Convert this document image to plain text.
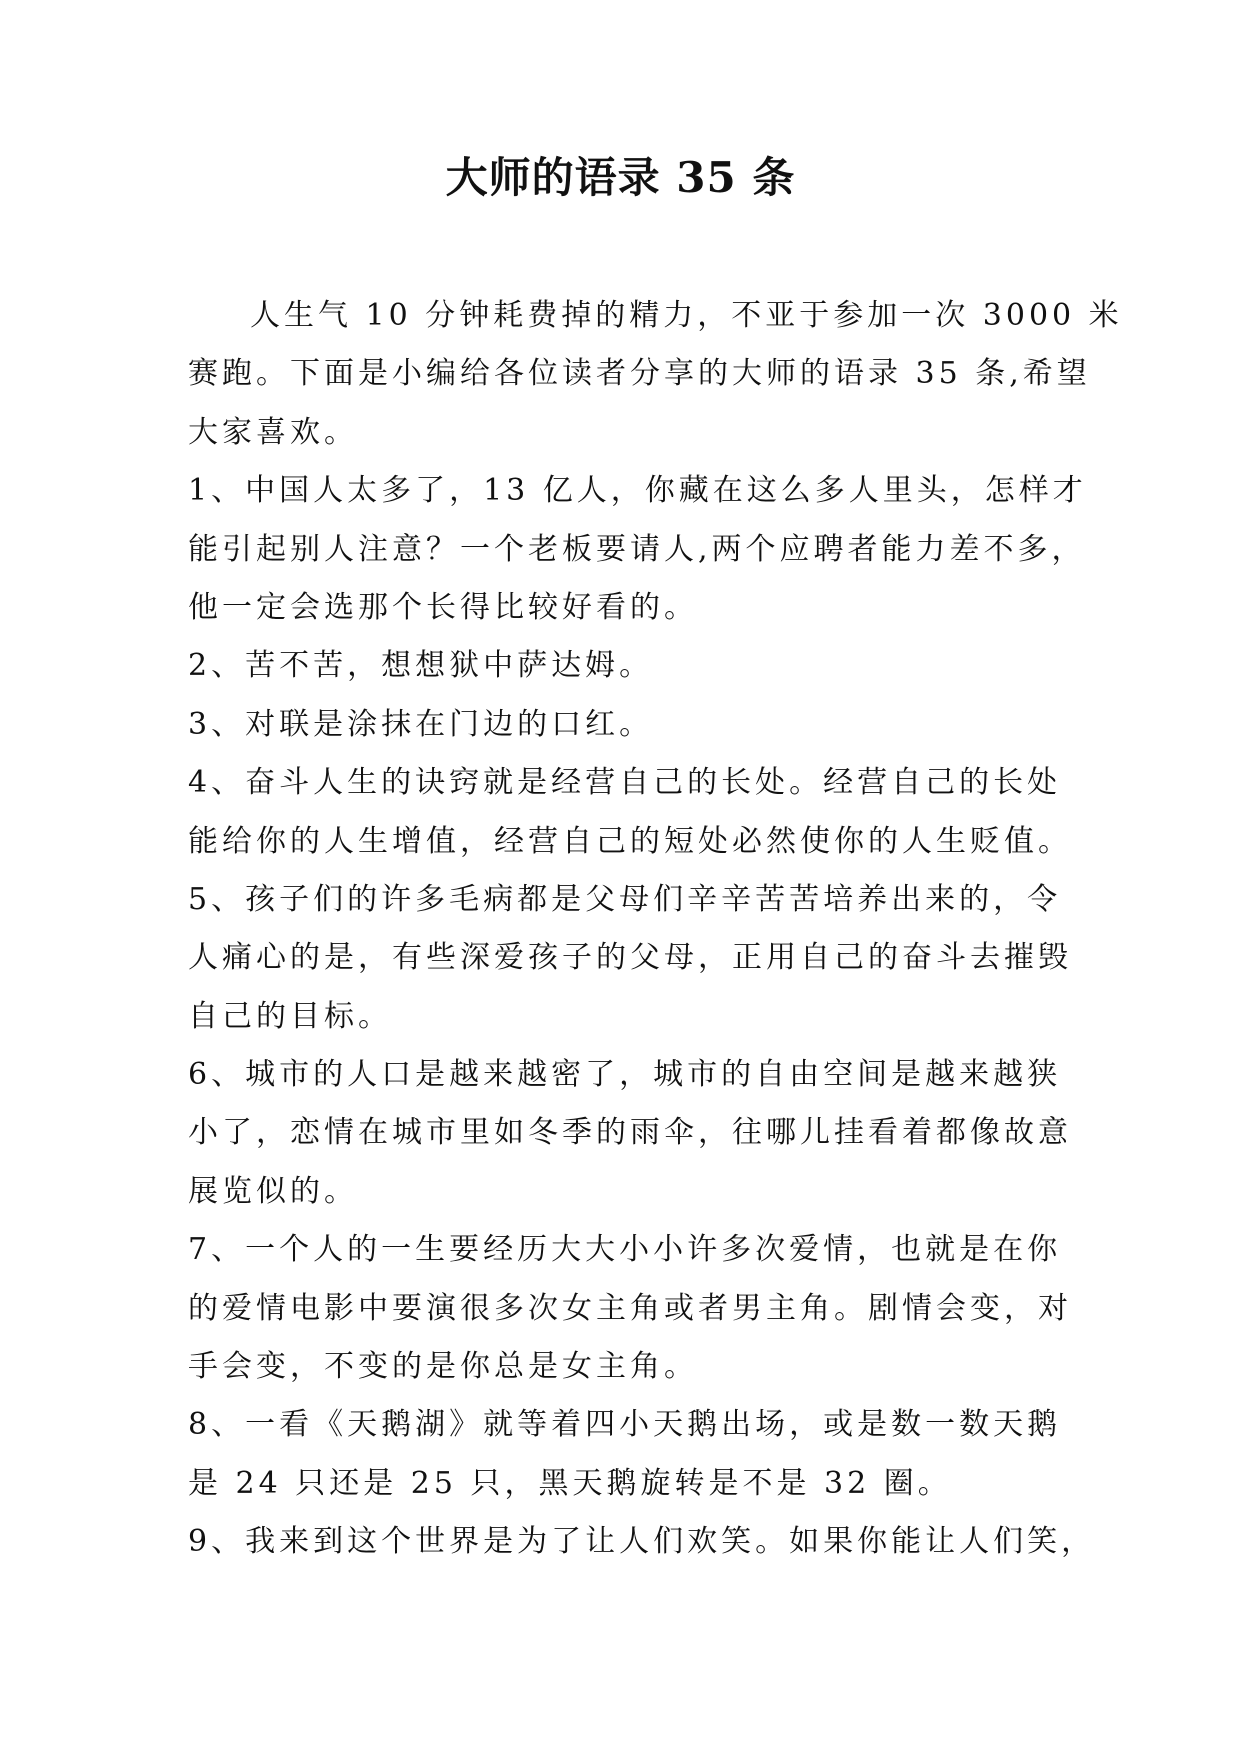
大师的语录 35 条
人生气 10 分钟耗费掉的精力，不亚于参加一次 3000 米
赛跑。下面是小编给各位读者分享的大师的语录 35 条,希望
大家喜欢。
1、中国人太多了，13 亿人，你藏在这么多人里头，怎样才
能引起别人注意？一个老板要请人,两个应聘者能力差不多，
他一定会选那个长得比较好看的。
2、苦不苦，想想狱中萨达姆。
3、对联是涂抹在门边的口红。
4、奋斗人生的诀窍就是经营自己的长处。经营自己的长处
能给你的人生增值，经营自己的短处必然使你的人生贬值。
5、孩子们的许多毛病都是父母们辛辛苦苦培养出来的，令
人痛心的是，有些深爱孩子的父母，正用自己的奋斗去摧毁
自己的目标。
6、城市的人口是越来越密了，城市的自由空间是越来越狭
小了，恋情在城市里如冬季的雨伞，往哪儿挂看着都像故意
展览似的。
7、一个人的一生要经历大大小小许多次爱情，也就是在你
的爱情电影中要演很多次女主角或者男主角。剧情会变，对
手会变，不变的是你总是女主角。
8、一看《天鹅湖》就等着四小天鹅出场，或是数一数天鹅
是 24 只还是 25 只，黑天鹅旋转是不是 32 圈。
9、我来到这个世界是为了让人们欢笑。如果你能让人们笑，
